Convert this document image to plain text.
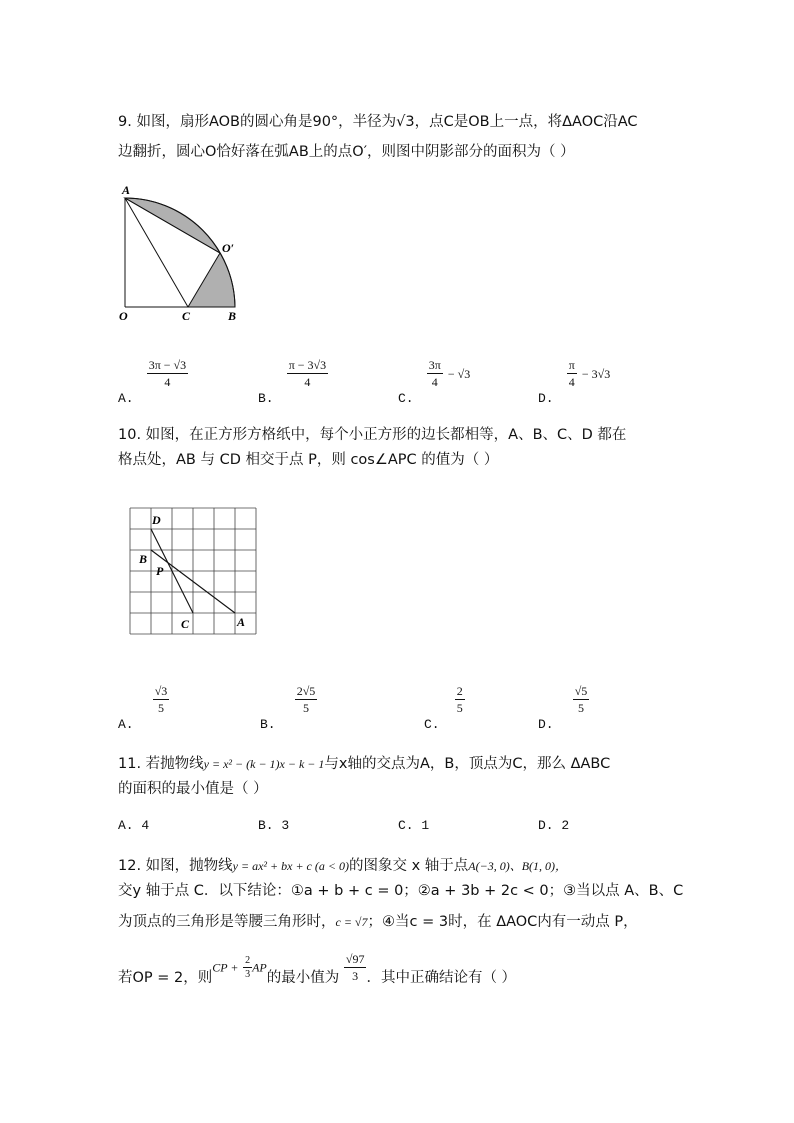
9. 如图，扇形AOB的圆心角是90°，半径为√3，点C是OB上一点，将ΔAOC沿AC
边翻折，圆心O恰好落在弧AB上的点O′，则图中阴影部分的面积为（ ）
A
O′
O	C	B
$_{A.}$
$\frac{3\pi - √3}{4}$
$_{B.}$
$\frac{\pi - 3√3}{4}$
$_{C.}$
$\frac{3\pi}{4} - √3$
$_{D.}$
$\frac{\pi}{4} - 3√3$
10. 如图，在正方形方格纸中，每个小正方形的边长都相等，A、B、C、D 都在
格点处，AB 与 CD 相交于点 P，则 cos∠APC 的值为（ ）
D
B
P
C	A
$_{A.}$
$\frac{√3}{5}$
$_{B.}$
$\frac{2√5}{5}$
$_{C.}$
$\frac{2}{5}$
$_{D.}$
$\frac{√5}{5}$
11. 若抛物线y = x² − (k − 1)x − k − 1与x轴的交点为A，B，顶点为C，那么 ΔABC
的面积的最小值是（ ）
A. 4	B. 3	C. 1	D. 2
12. 如图，抛物线y = ax² + bx + c (a < 0)的图象交 x 轴于点A(−3, 0)、B(1, 0)，
交y 轴于点 C．以下结论：①a + b + c = 0；②a + 3b + 2c < 0；③当以点 A、B、C
为顶点的三角形是等腰三角形时，c = √7；④当c = 3时，在 ΔAOC内有一动点 P，
若OP = 2，则CP + $\frac{2}{3}$ AP的最小值为 $\frac{√97}{3}$ ．其中正确结论有（ ）
